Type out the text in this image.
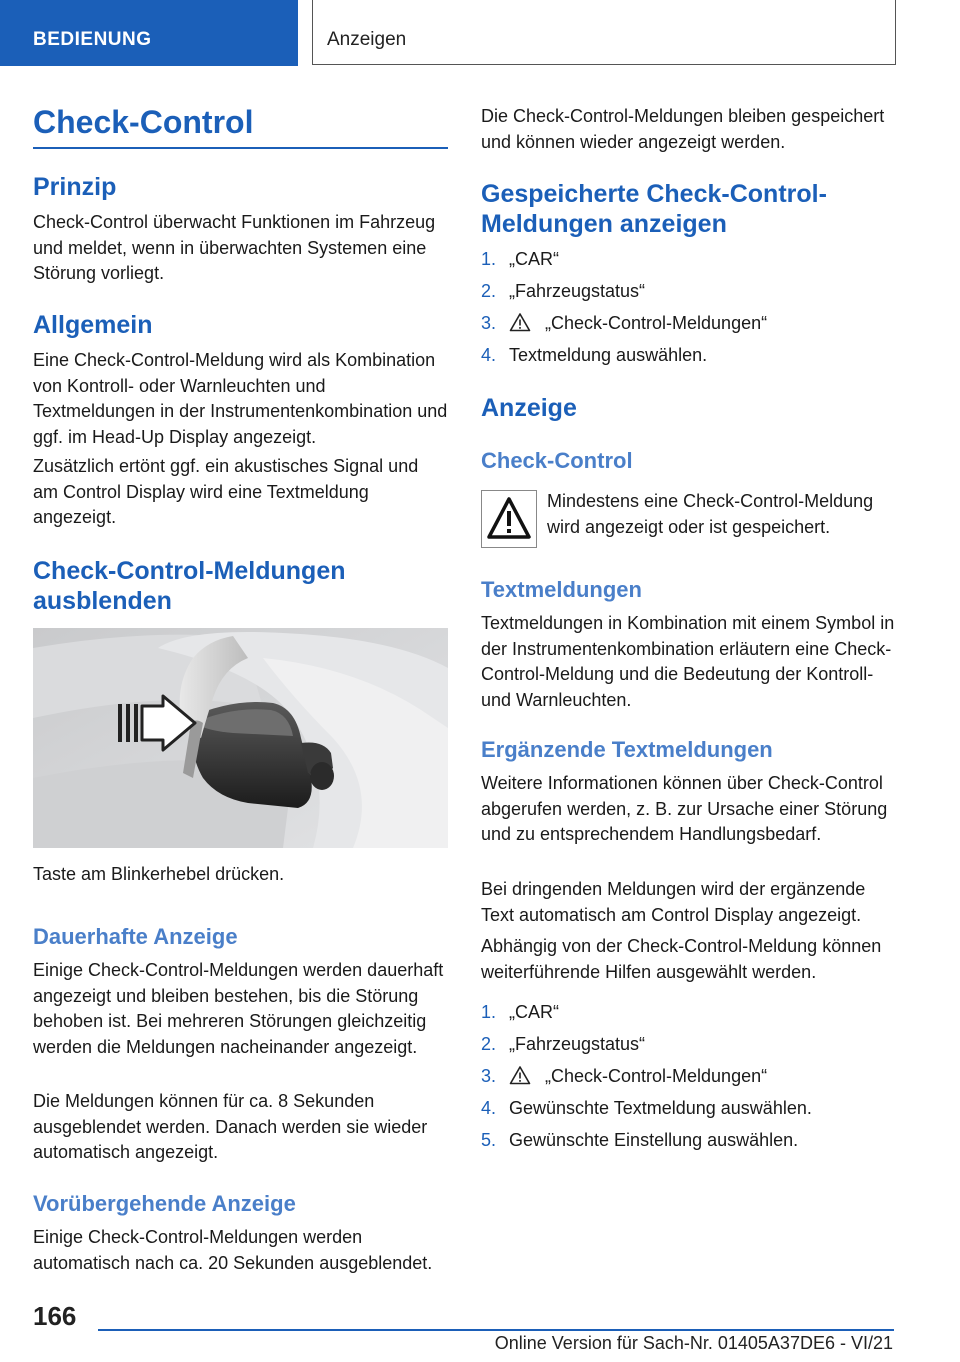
BEDIENUNG	Anzeigen
Check-Control
Prinzip

Check-Control überwacht Funktionen im Fahrzeug und meldet, wenn in überwachten Systemen eine Störung vorliegt.

Allgemein

Eine Check-Control-Meldung wird als Kombination von Kontroll- oder Warnleuchten und Textmeldungen in der Instrumentenkombination und ggf. im Head-Up Display angezeigt.

Zusätzlich ertönt ggf. ein akustisches Signal und am Control Display wird eine Textmeldung angezeigt.

Check-Control-Meldungen
ausblenden

Taste am Blinkerhebel drücken.

Dauerhafte Anzeige

Einige Check-Control-Meldungen werden dauerhaft angezeigt und bleiben bestehen, bis die Störung behoben ist. Bei mehreren Störungen gleichzeitig werden die Meldungen nacheinander angezeigt.

Die Meldungen können für ca. 8 Sekunden ausgeblendet werden. Danach werden sie wieder automatisch angezeigt.

Vorübergehende Anzeige

Einige Check-Control-Meldungen werden automatisch nach ca. 20 Sekunden ausgeblendet.

Die Check-Control-Meldungen bleiben gespeichert und können wieder angezeigt werden.

Gespeicherte Check-Control-
Meldungen anzeigen
1. „CAR“
2. „Fahrzeugstatus“
3.	„Check-Control-Meldungen“
4. Textmeldung auswählen.
Anzeige
Check-Control

Mindestens eine Check-Control-Meldung wird angezeigt oder ist gespeichert.

Textmeldungen

Textmeldungen in Kombination mit einem Symbol in der Instrumentenkombination erläutern eine Check-Control-Meldung und die Bedeutung der Kontroll- und Warnleuchten.

Ergänzende Textmeldungen

Weitere Informationen können über Check-Control abgerufen werden, z. B. zur Ursache einer Störung und zu entsprechendem Handlungsbedarf.

Bei dringenden Meldungen wird der ergänzende Text automatisch am Control Display angezeigt.

Abhängig von der Check-Control-Meldung können weiterführende Hilfen ausgewählt werden.

1. „CAR“
2. „Fahrzeugstatus“
3.	„Check-Control-Meldungen“
4. Gewünschte Textmeldung auswählen.
5. Gewünschte Einstellung auswählen.
166
Online Version für Sach-Nr. 01405A37DE6 - VI/21
